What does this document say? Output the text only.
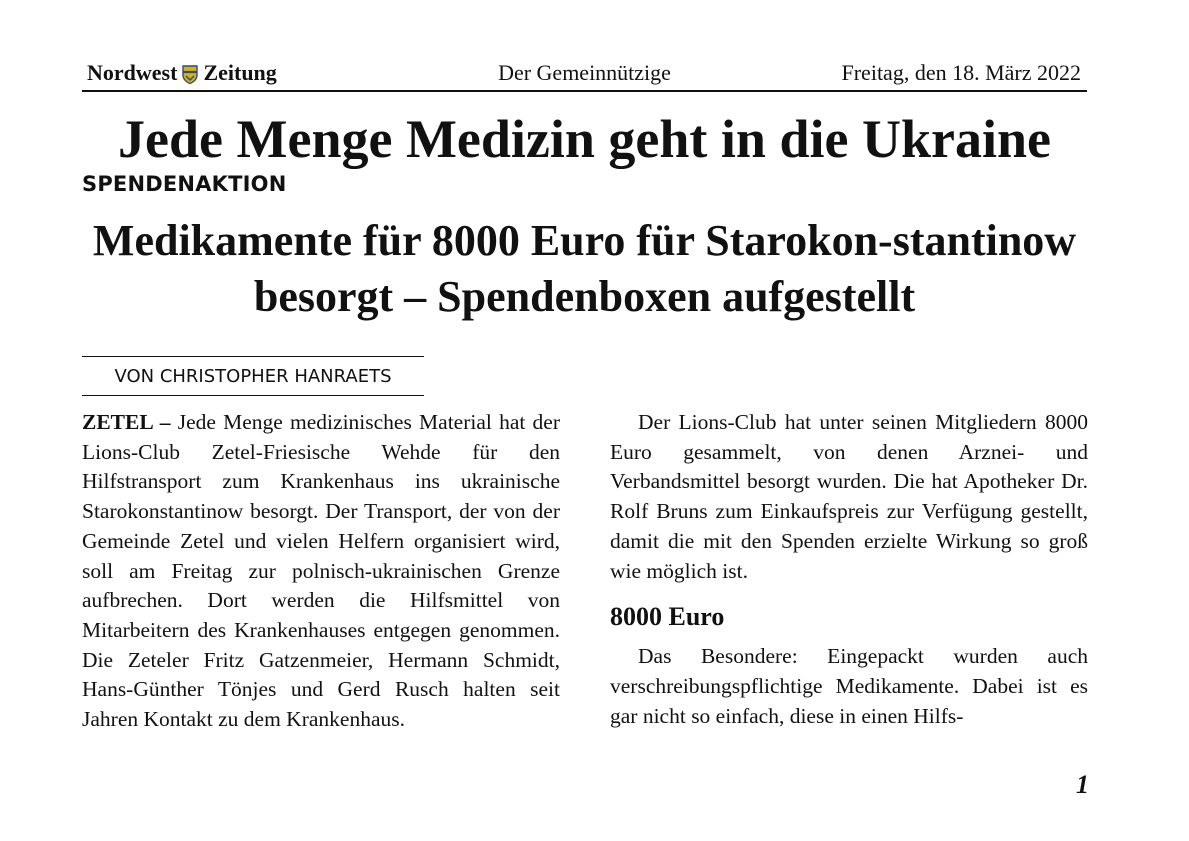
Nordwest Zeitung	Der Gemeinnützige	Freitag, den 18. März 2022
Jede Menge Medizin geht in die Ukraine
SPENDENAKTION
Medikamente für 8000 Euro für Starokon-stantinow besorgt – Spendenboxen aufgestellt
VON CHRISTOPHER HANRAETS

ZETEL – Jede Menge medizinisches Material hat der Lions-Club Zetel-Friesische Wehde für den Hilfstransport zum Krankenhaus ins ukrainische Starokonstantinow besorgt. Der Transport, der von der Gemeinde Zetel und vielen Helfern organisiert wird, soll am Freitag zur polnisch-ukrainischen Grenze aufbrechen. Dort werden die Hilfsmittel von Mitarbeitern des Krankenhauses entgegen genommen. Die Zeteler Fritz Gatzenmeier, Hermann Schmidt, Hans-Günther Tönjes und Gerd Rusch halten seit Jahren Kontakt zu dem Krankenhaus.

Der Lions-Club hat unter seinen Mitgliedern 8000 Euro gesammelt, von denen Arznei- und Verbandsmittel besorgt wurden. Die hat Apotheker Dr. Rolf Bruns zum Einkaufspreis zur Verfügung gestellt, damit die mit den Spenden erzielte Wirkung so groß wie möglich ist.

8000 Euro

Das Besondere: Eingepackt wurden auch verschreibungspflichtige Medikamente. Dabei ist es gar nicht so einfach, diese in einen Hilfs-

1
